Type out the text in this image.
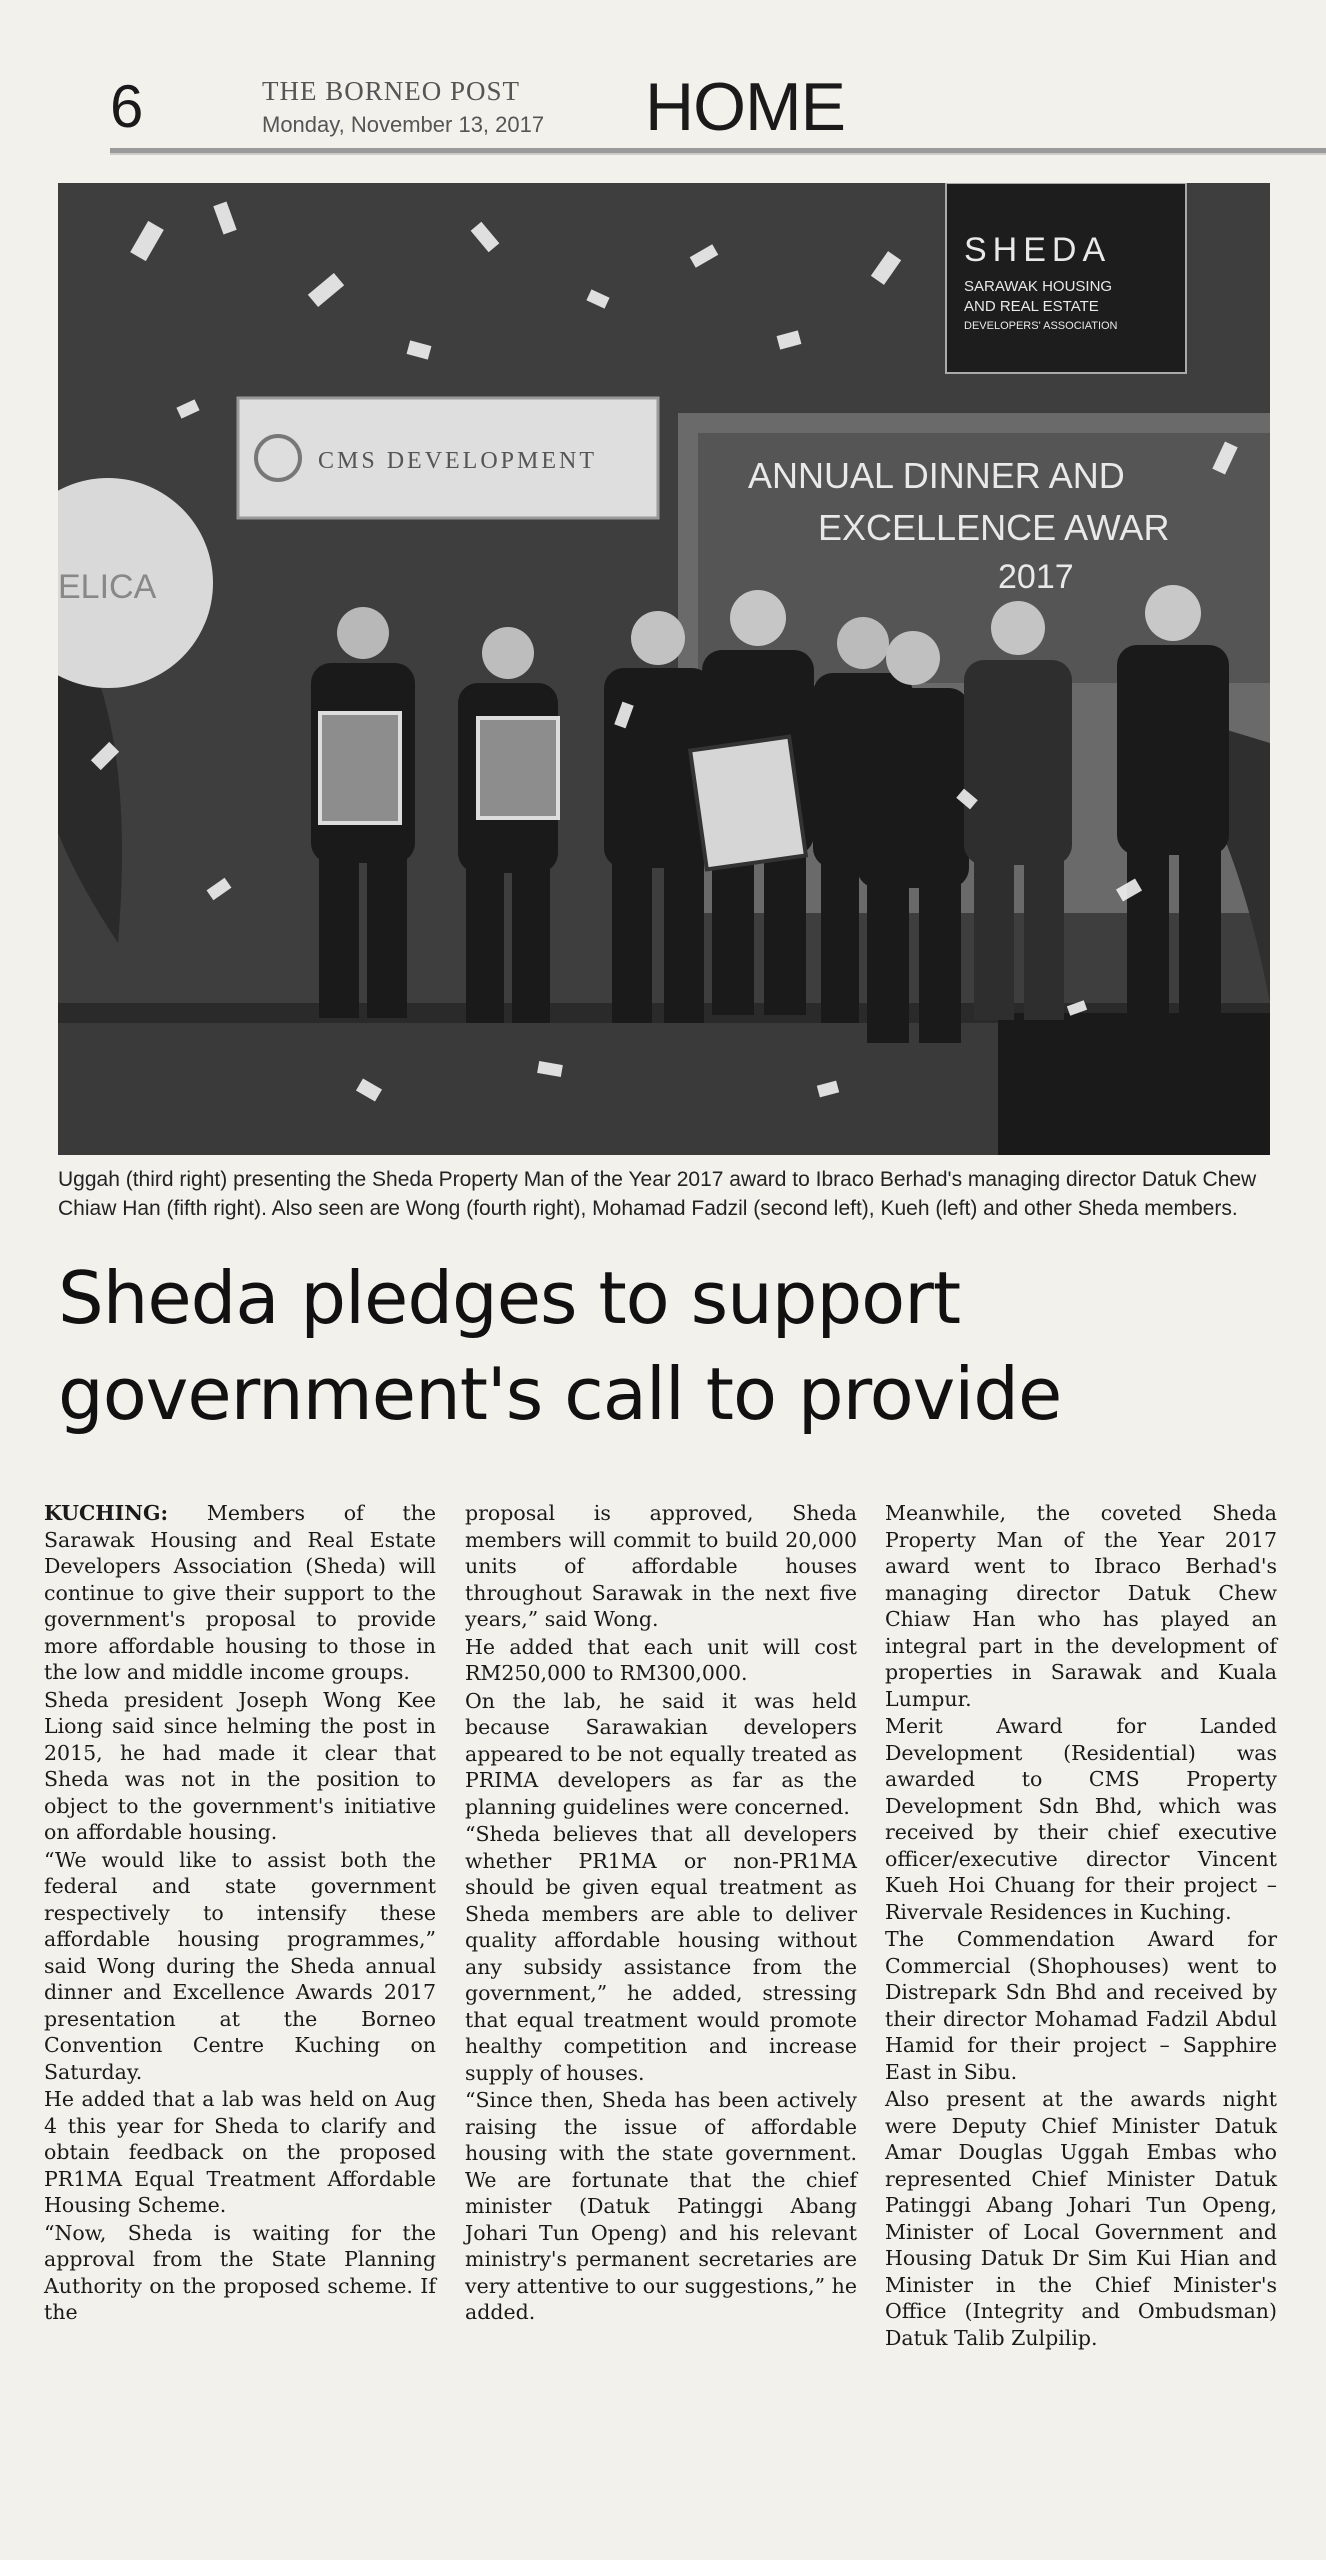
6	THE BORNEO POST
Monday, November 13, 2017 HOME
SHEDA
SARAWAK HOUSING
AND REAL ESTATE
DEVELOPERS' ASSOCIATION
CMS DEVELOPMENT
ELICA
ANNUAL DINNER AND
EXCELLENCE AWAR
2017
Uggah (third right) presenting the Sheda Property Man of the Year 2017 award to Ibraco Berhad's managing director Datuk Chew Chiaw Han (fifth right). Also seen are Wong (fourth right), Mohamad Fadzil (second left), Kueh (left) and other Sheda members.
Sheda pledges to support
government's call to provide

KUCHING: Members of the Sarawak Housing and Real Estate Developers Association (Sheda) will continue to give their support to the government's proposal to provide more affordable housing to those in the low and middle income groups.

Sheda president Joseph Wong Kee Liong said since helming the post in 2015, he had made it clear that Sheda was not in the position to object to the government's initiative on affordable housing.

“We would like to assist both the federal and state government respectively to intensify these affordable housing programmes,” said Wong during the Sheda annual dinner and Excellence Awards 2017 presentation at the Borneo Convention Centre Kuching on Saturday.

He added that a lab was held on Aug 4 this year for Sheda to clarify and obtain feedback on the proposed PR1MA Equal Treatment Affordable Housing Scheme.

“Now, Sheda is waiting for the approval from the State Planning Authority on the proposed scheme. If the

proposal is approved, Sheda members will commit to build 20,000 units of affordable houses throughout Sarawak in the next five years,” said Wong.

He added that each unit will cost RM250,000 to RM300,000.

On the lab, he said it was held because Sarawakian developers appeared to be not equally treated as PRIMA developers as far as the planning guidelines were concerned.

“Sheda believes that all developers whether PR1MA or non-PR1MA should be given equal treatment as Sheda members are able to deliver quality affordable housing without any subsidy assistance from the government,” he added, stressing that equal treatment would promote healthy competition and increase supply of houses.

“Since then, Sheda has been actively raising the issue of affordable housing with the state government. We are fortunate that the chief minister (Datuk Patinggi Abang Johari Tun Openg) and his relevant ministry's permanent secretaries are very attentive to our suggestions,” he added.

Meanwhile, the coveted Sheda Property Man of the Year 2017 award went to Ibraco Berhad's managing director Datuk Chew Chiaw Han who has played an integral part in the development of properties in Sarawak and Kuala Lumpur.

Merit Award for Landed Development (Residential) was awarded to CMS Property Development Sdn Bhd, which was received by their chief executive officer/executive director Vincent Kueh Hoi Chuang for their project – Rivervale Residences in Kuching.

The Commendation Award for Commercial (Shophouses) went to Distrepark Sdn Bhd and received by their director Mohamad Fadzil Abdul Hamid for their project – Sapphire East in Sibu.

Also present at the awards night were Deputy Chief Minister Datuk Amar Douglas Uggah Embas who represented Chief Minister Datuk Patinggi Abang Johari Tun Openg, Minister of Local Government and Housing Datuk Dr Sim Kui Hian and Minister in the Chief Minister's Office (Integrity and Ombudsman) Datuk Talib Zulpilip.
